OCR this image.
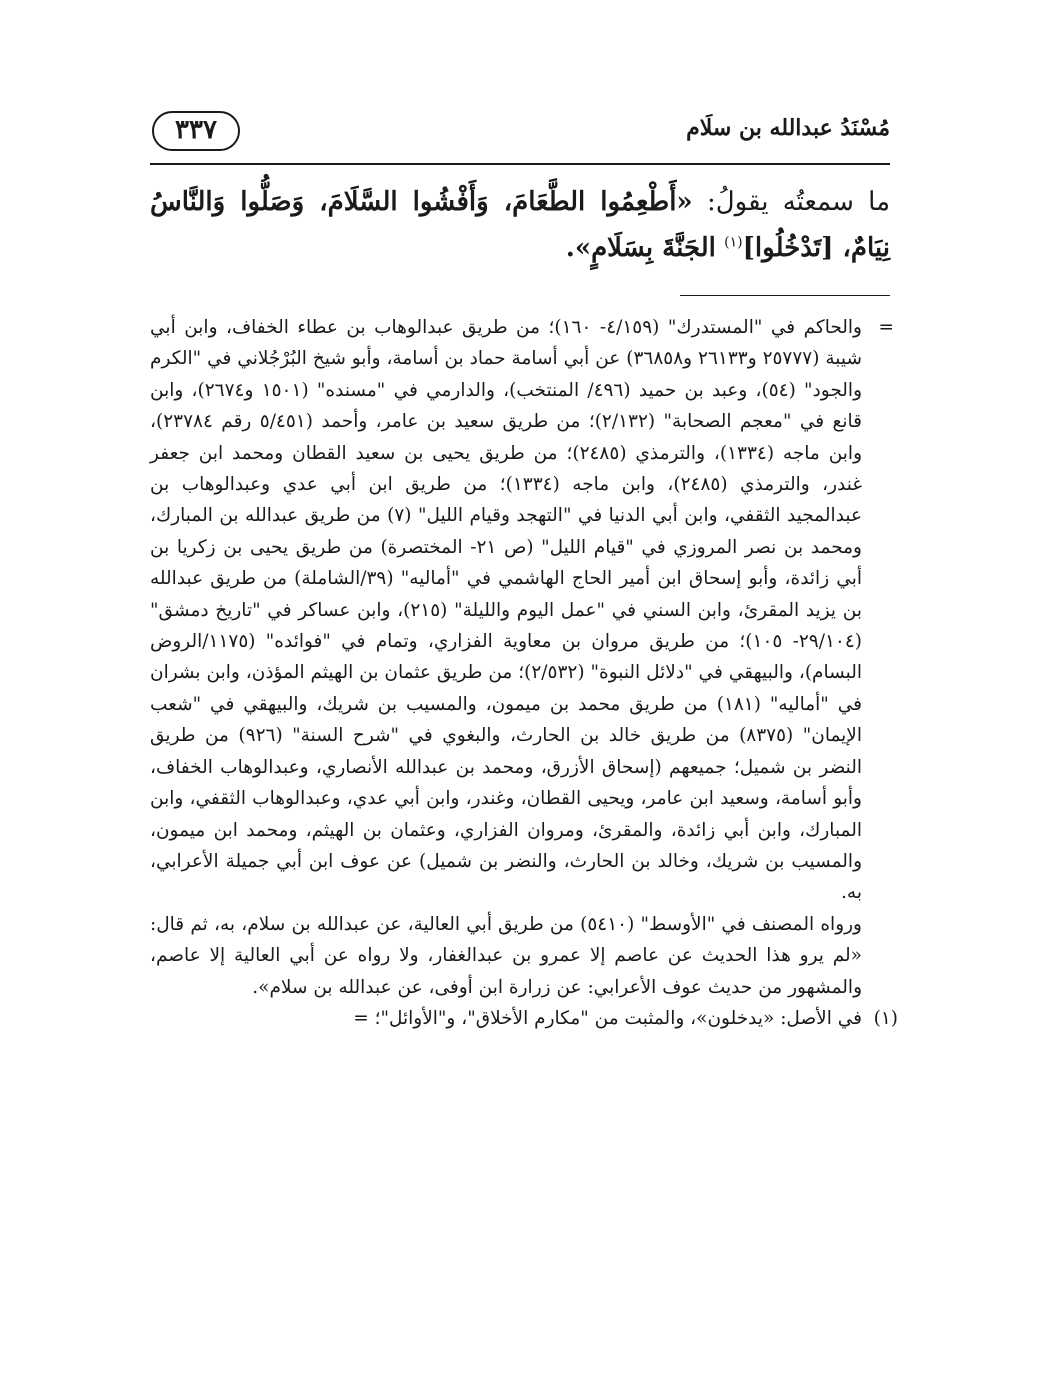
مُسْنَدُ عبدالله بن سلَام
٣٣٧
ما سمعتُه يقولُ: «أَطْعِمُوا الطَّعَامَ، وَأَفْشُوا السَّلَامَ، وَصَلُّوا وَالنَّاسُ نِيَامٌ، [تَدْخُلُوا]$^{(١)}$ الجَنَّةَ بِسَلَامٍ».
=

والحاكم في "المستدرك" (٤/١٥٩- ١٦٠)؛ من طريق عبدالوهاب بن عطاء الخفاف، وابن أبي شيبة (٢٥٧٧٧ و٢٦١٣٣ و٣٦٨٥٨) عن أبي أسامة حماد بن أسامة، وأبو شيخ البُرْجُلاني في "الكرم والجود" (٥٤)، وعبد بن حميد (٤٩٦/ المنتخب)، والدارمي في "مسنده" (١٥٠١ و٢٦٧٤)، وابن قانع في "معجم الصحابة" (٢/١٣٢)؛ من طريق سعيد بن عامر، وأحمد (٥/٤٥١ رقم ٢٣٧٨٤)، وابن ماجه (١٣٣٤)، والترمذي (٢٤٨٥)؛ من طريق يحيى بن سعيد القطان ومحمد ابن جعفر غندر، والترمذي (٢٤٨٥)، وابن ماجه (١٣٣٤)؛ من طريق ابن أبي عدي وعبدالوهاب بن عبدالمجيد الثقفي، وابن أبي الدنيا في "التهجد وقيام الليل" (٧) من طريق عبدالله بن المبارك، ومحمد بن نصر المروزي في "قيام الليل" (ص ٢١- المختصرة) من طريق يحيى بن زكريا بن أبي زائدة، وأبو إسحاق ابن أمير الحاج الهاشمي في "أماليه" (٣٩/الشاملة) من طريق عبدالله بن يزيد المقرئ، وابن السني في "عمل اليوم والليلة" (٢١٥)، وابن عساكر في "تاريخ دمشق" (٢٩/١٠٤- ١٠٥)؛ من طريق مروان بن معاوية الفزاري، وتمام في "فوائده" (١١٧٥/الروض البسام)، والبيهقي في "دلائل النبوة" (٢/٥٣٢)؛ من طريق عثمان بن الهيثم المؤذن، وابن بشران في "أماليه" (١٨١) من طريق محمد بن ميمون، والمسيب بن شريك، والبيهقي في "شعب الإيمان" (٨٣٧٥) من طريق خالد بن الحارث، والبغوي في "شرح السنة" (٩٢٦) من طريق النضر بن شميل؛ جميعهم (إسحاق الأزرق، ومحمد بن عبدالله الأنصاري، وعبدالوهاب الخفاف، وأبو أسامة، وسعيد ابن عامر، ويحيى القطان، وغندر، وابن أبي عدي، وعبدالوهاب الثقفي، وابن المبارك، وابن أبي زائدة، والمقرئ، ومروان الفزاري، وعثمان بن الهيثم، ومحمد ابن ميمون، والمسيب بن شريك، وخالد بن الحارث، والنضر بن شميل) عن عوف ابن أبي جميلة الأعرابي، به.

ورواه المصنف في "الأوسط" (٥٤١٠) من طريق أبي العالية، عن عبدالله بن سلام، به، ثم قال: «لم يرو هذا الحديث عن عاصم إلا عمرو بن عبدالغفار، ولا رواه عن أبي العالية إلا عاصم، والمشهور من حديث عوف الأعرابي: عن زرارة ابن أوفى، عن عبدالله بن سلام».

(١)

في الأصل: «يدخلون»، والمثبت من "مكارم الأخلاق"، و"الأوائل"؛ =
